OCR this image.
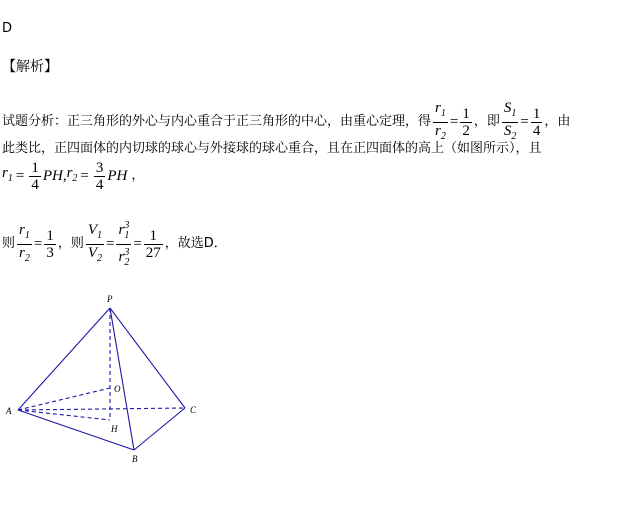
D
【解析】
试题分析：正三角形的外心与内心重合于正三角形的中心，由重心定理，得 $\frac{r_1}{r_2} = \frac{1}{2}$ ，即 $\frac{S_1}{S_2} = \frac{1}{4}$ ，由
此类比，正四面体的内切球的球心与外接球的球心重合，且在正四面体的高上（如图所示），且
$r_1 = \frac{1}{4}$ PH , $r_2 = \frac{3}{4}$ PH ，
则 $\frac{r_1}{r_2} = \frac{1}{3}$ ，则 $\frac{V_1}{V_2} = \frac{r_1^3}{r_2^3} = \frac{1}{27}$ ，故选D．
P
O
A	C
H
B
